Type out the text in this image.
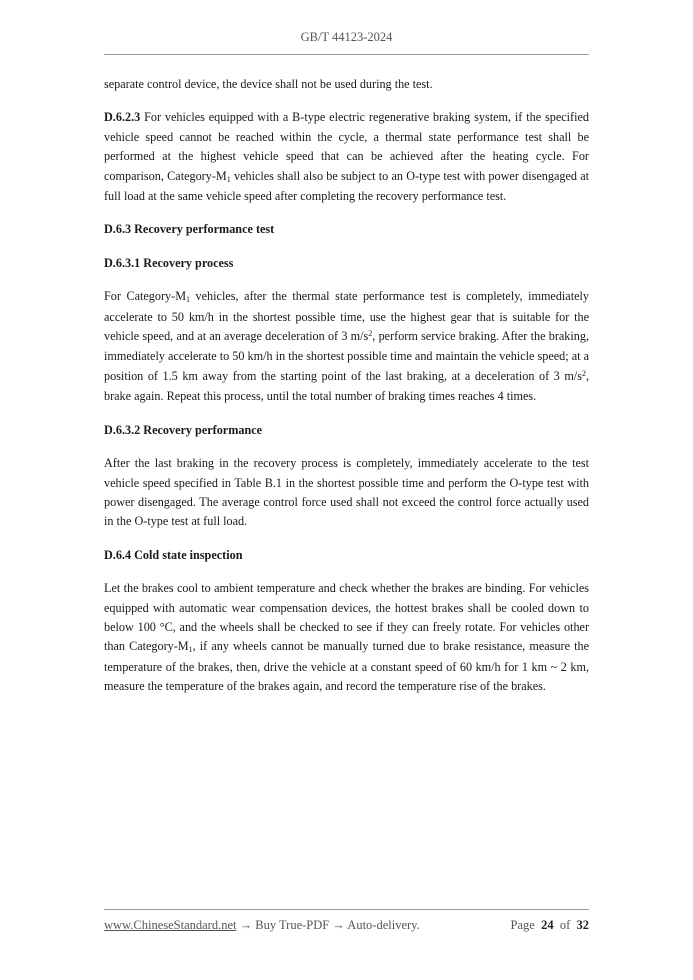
GB/T 44123-2024

separate control device, the device shall not be used during the test.

D.6.2.3 For vehicles equipped with a B-type electric regenerative braking system, if the specified vehicle speed cannot be reached within the cycle, a thermal state performance test shall be performed at the highest vehicle speed that can be achieved after the heating cycle. For comparison, Category-$M_1$ vehicles shall also be subject to an O-type test with power disengaged at full load at the same vehicle speed after completing the recovery performance test.

D.6.3 Recovery performance test

D.6.3.1 Recovery process

For Category-$M_1$ vehicles, after the thermal state performance test is completely, immediately accelerate to 50 km/h in the shortest possible time, use the highest gear that is suitable for the vehicle speed, and at an average deceleration of 3 $m/s^2$, perform service braking. After the braking, immediately accelerate to 50 km/h in the shortest possible time and maintain the vehicle speed; at a position of 1.5 km away from the starting point of the last braking, at a deceleration of 3 $m/s^2$, brake again. Repeat this process, until the total number of braking times reaches 4 times.

D.6.3.2 Recovery performance

After the last braking in the recovery process is completely, immediately accelerate to the test vehicle speed specified in Table B.1 in the shortest possible time and perform the O-type test with power disengaged. The average control force used shall not exceed the control force actually used in the O-type test at full load.

D.6.4 Cold state inspection

Let the brakes cool to ambient temperature and check whether the brakes are binding. For vehicles equipped with automatic wear compensation devices, the hottest brakes shall be cooled down to below 100 °C, and the wheels shall be checked to see if they can freely rotate. For vehicles other than Category-$M_1$, if any wheels cannot be manually turned due to brake resistance, measure the temperature of the brakes, then, drive the vehicle at a constant speed of 60 km/h for 1 km ~ 2 km, measure the temperature of the brakes again, and record the temperature rise of the brakes.

www.ChineseStandard.net → Buy True-PDF → Auto-delivery.	Page 24 of 32
